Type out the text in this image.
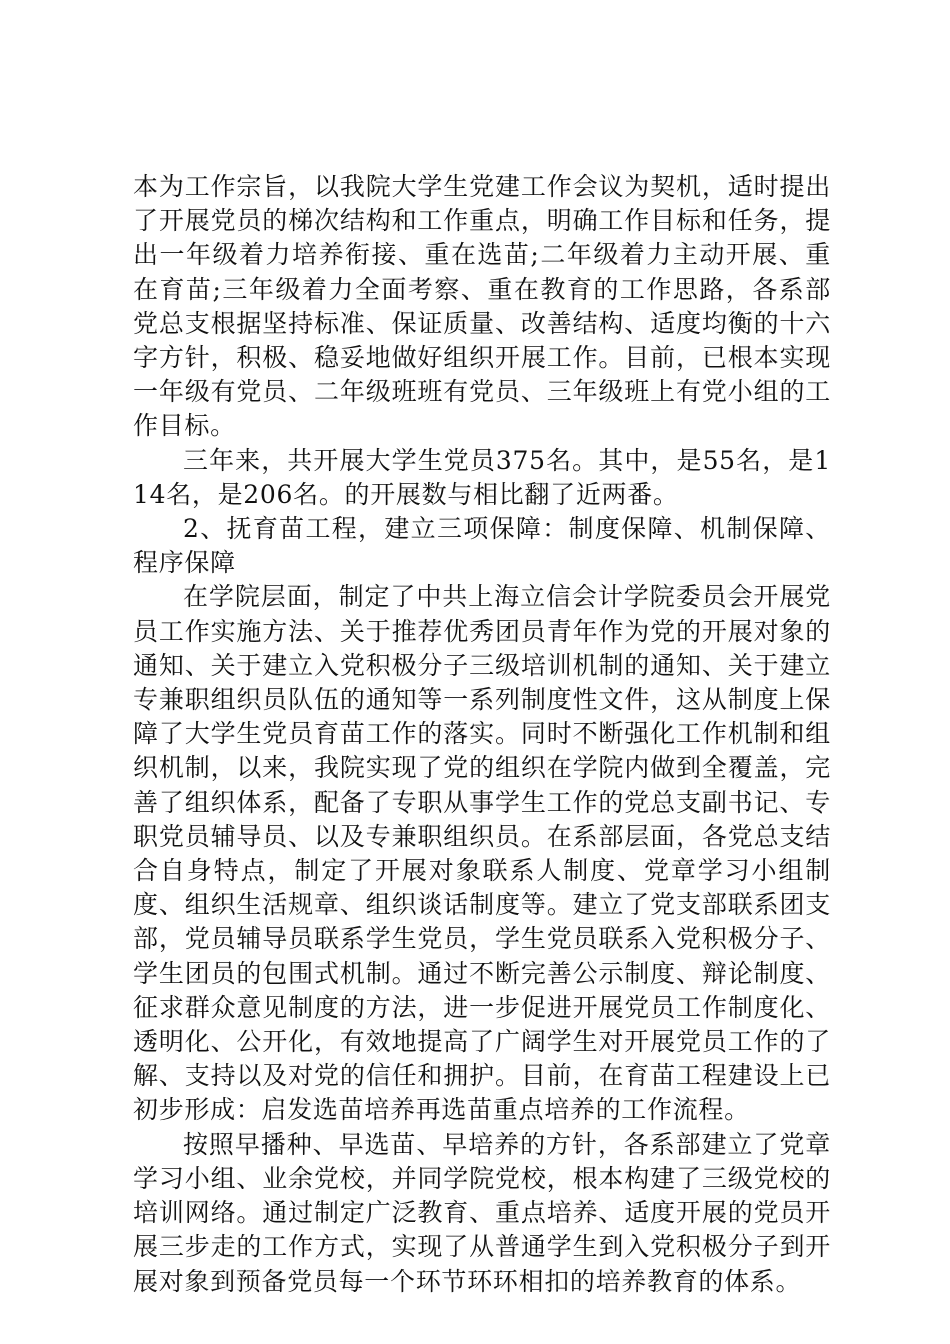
本为工作宗旨，以我院大学生党建工作会议为契机，适时提出了开展党员的梯次结构和工作重点，明确工作目标和任务，提出一年级着力培养衔接、重在选苗;二年级着力主动开展、重在育苗;三年级着力全面考察、重在教育的工作思路，各系部党总支根据坚持标准、保证质量、改善结构、适度均衡的十六字方针，积极、稳妥地做好组织开展工作。目前，已根本实现一年级有党员、二年级班班有党员、三年级班上有党小组的工作目标。

三年来，共开展大学生党员375名。其中，是55名，是114名，是206名。的开展数与相比翻了近两番。

2、抚育苗工程，建立三项保障：制度保障、机制保障、程序保障

在学院层面，制定了中共上海立信会计学院委员会开展党员工作实施方法、关于推荐优秀团员青年作为党的开展对象的通知、关于建立入党积极分子三级培训机制的通知、关于建立专兼职组织员队伍的通知等一系列制度性文件，这从制度上保障了大学生党员育苗工作的落实。同时不断强化工作机制和组织机制，以来，我院实现了党的组织在学院内做到全覆盖，完善了组织体系，配备了专职从事学生工作的党总支副书记、专职党员辅导员、以及专兼职组织员。在系部层面，各党总支结合自身特点，制定了开展对象联系人制度、党章学习小组制度、组织生活规章、组织谈话制度等。建立了党支部联系团支部，党员辅导员联系学生党员，学生党员联系入党积极分子、学生团员的包围式机制。通过不断完善公示制度、辩论制度、征求群众意见制度的方法，进一步促进开展党员工作制度化、透明化、公开化，有效地提高了广阔学生对开展党员工作的了解、支持以及对党的信任和拥护。目前，在育苗工程建设上已初步形成：启发选苗培养再选苗重点培养的工作流程。

按照早播种、早选苗、早培养的方针，各系部建立了党章学习小组、业余党校，并同学院党校，根本构建了三级党校的培训网络。通过制定广泛教育、重点培养、适度开展的党员开展三步走的工作方式，实现了从普通学生到入党积极分子到开展对象到预备党员每一个环节环环相扣的培养教育的体系。
